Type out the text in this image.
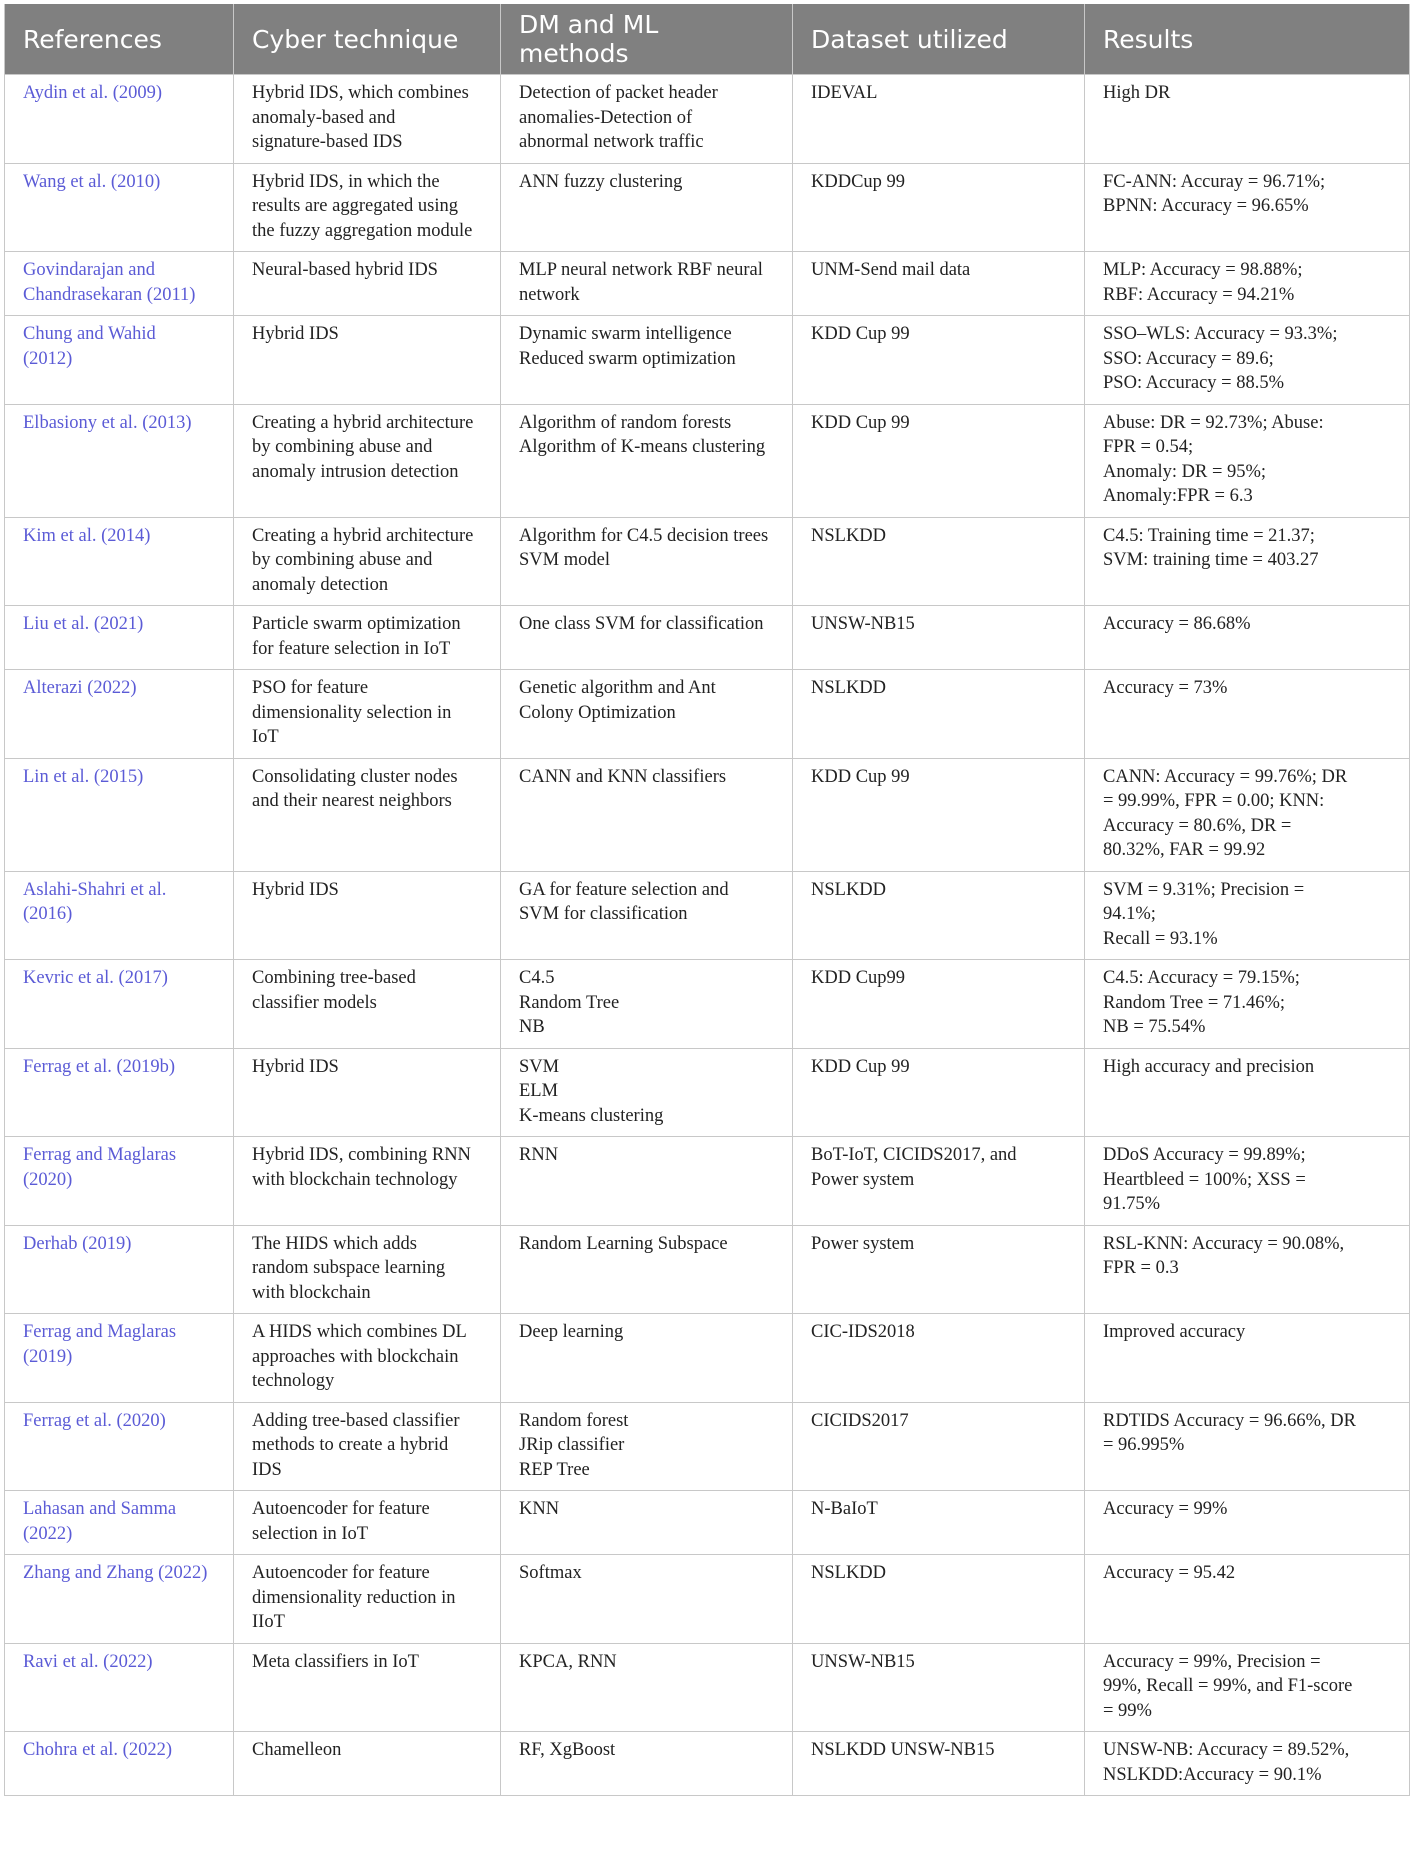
References	Cyber technique	DM and ML methods	Dataset utilized	Results
Aydin et al. (2009)	Hybrid IDS, which combines
anomaly-based and
signature-based IDS	Detection of packet header
anomalies-Detection of
abnormal network traffic	IDEVAL	High DR

Wang et al. (2010)	Hybrid IDS, in which the
results are aggregated using
the fuzzy aggregation module	ANN fuzzy clustering	KDDCup 99	FC-ANN: Accuray = 96.71%;
BPNN: Accuracy = 96.65%

Govindarajan and
Chandrasekaran (2011)	Neural-based hybrid IDS	MLP neural network RBF neural
network	UNM-Send mail data	MLP: Accuracy = 98.88%;
RBF: Accuracy = 94.21%

Chung and Wahid
(2012)	Hybrid IDS	Dynamic swarm intelligence
Reduced swarm optimization	KDD Cup 99	SSO–WLS: Accuracy = 93.3%;
SSO: Accuracy = 89.6;
PSO: Accuracy = 88.5%

Elbasiony et al. (2013)	Creating a hybrid architecture
by combining abuse and
anomaly intrusion detection	Algorithm of random forests
Algorithm of K-means clustering	KDD Cup 99	Abuse: DR = 92.73%; Abuse:
FPR = 0.54;
Anomaly: DR = 95%;
Anomaly:FPR = 6.3

Kim et al. (2014)	Creating a hybrid architecture
by combining abuse and
anomaly detection	Algorithm for C4.5 decision trees
SVM model	NSLKDD	C4.5: Training time = 21.37;
SVM: training time = 403.27

Liu et al. (2021)	Particle swarm optimization
for feature selection in IoT	One class SVM for classification	UNSW-NB15	Accuracy = 86.68%

Alterazi (2022)	PSO for feature
dimensionality selection in
IoT	Genetic algorithm and Ant
Colony Optimization	NSLKDD	Accuracy = 73%

Lin et al. (2015)	Consolidating cluster nodes
and their nearest neighbors	CANN and KNN classifiers	KDD Cup 99	CANN: Accuracy = 99.76%; DR
= 99.99%, FPR = 0.00; KNN:
Accuracy = 80.6%, DR =
80.32%, FAR = 99.92

Aslahi-Shahri et al.
(2016)	Hybrid IDS	GA for feature selection and
SVM for classification	NSLKDD	SVM = 9.31%; Precision =
94.1%;
Recall = 93.1%

Kevric et al. (2017)	Combining tree-based
classifier models	C4.5
Random Tree
NB	KDD Cup99	C4.5: Accuracy = 79.15%;
Random Tree = 71.46%;
NB = 75.54%

Ferrag et al. (2019b)	Hybrid IDS	SVM
ELM
K-means clustering	KDD Cup 99	High accuracy and precision

Ferrag and Maglaras
(2020)	Hybrid IDS, combining RNN
with blockchain technology	RNN	BoT-IoT, CICIDS2017, and
Power system	DDoS Accuracy = 99.89%;
Heartbleed = 100%; XSS =
91.75%

Derhab (2019)	The HIDS which adds
random subspace learning
with blockchain	Random Learning Subspace	Power system	RSL-KNN: Accuracy = 90.08%,
FPR = 0.3

Ferrag and Maglaras
(2019)	A HIDS which combines DL
approaches with blockchain
technology	Deep learning	CIC-IDS2018	Improved accuracy

Ferrag et al. (2020)	Adding tree-based classifier
methods to create a hybrid
IDS	Random forest
JRip classifier
REP Tree	CICIDS2017	RDTIDS Accuracy = 96.66%, DR
= 96.995%

Lahasan and Samma
(2022)	Autoencoder for feature
selection in IoT	KNN	N-BaIoT	Accuracy = 99%

Zhang and Zhang (2022)	Autoencoder for feature
dimensionality reduction in
IIoT	Softmax	NSLKDD	Accuracy = 95.42

Ravi et al. (2022)	Meta classifiers in IoT	KPCA, RNN	UNSW-NB15	Accuracy = 99%, Precision =
99%, Recall = 99%, and F1-score
= 99%

Chohra et al. (2022)	Chamelleon	RF, XgBoost	NSLKDD UNSW-NB15	UNSW-NB: Accuracy = 89.52%,
NSLKDD:Accuracy = 90.1%
